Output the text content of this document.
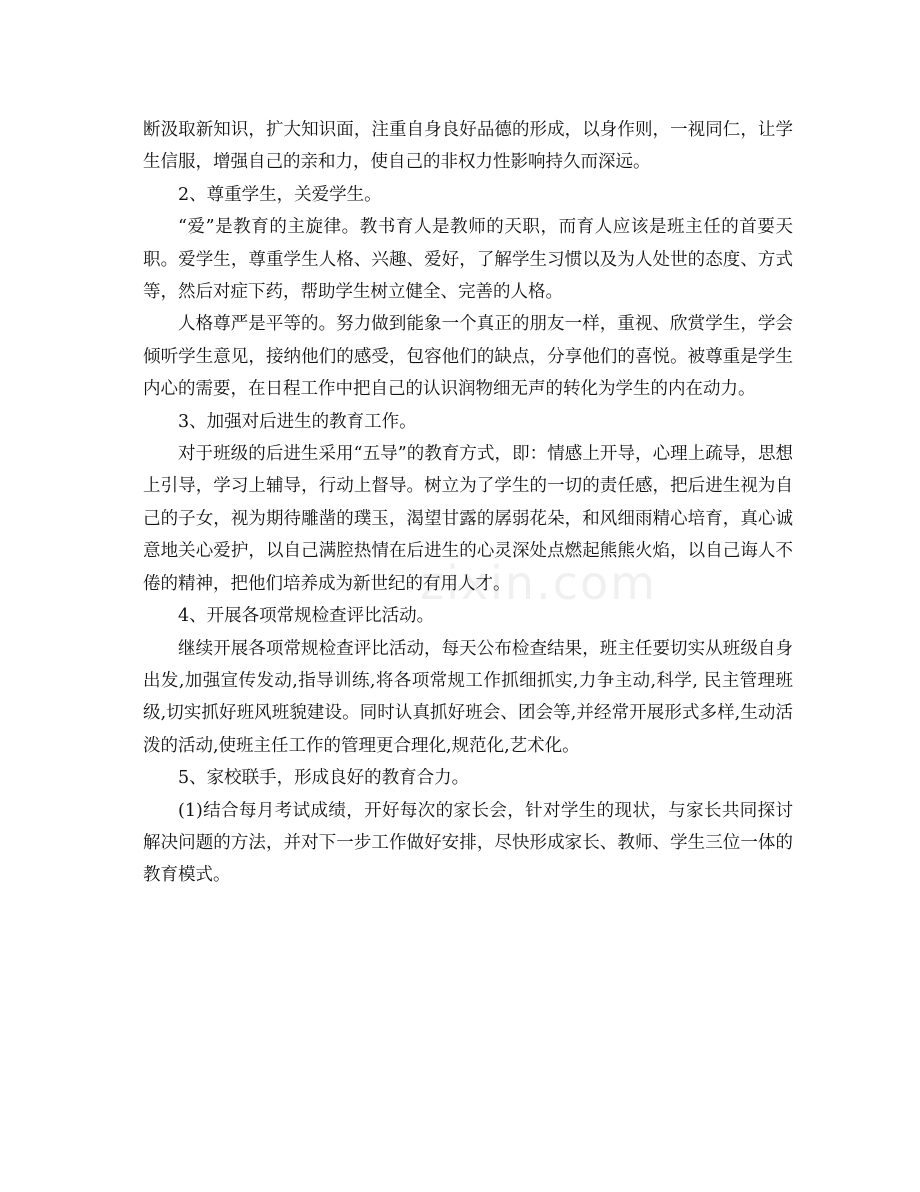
断汲取新知识，扩大知识面，注重自身良好品德的形成，以身作则，一视同仁，让学生信服，增强自己的亲和力，使自己的非权力性影响持久而深远。

2、尊重学生，关爱学生。

“爱”是教育的主旋律。教书育人是教师的天职，而育人应该是班主任的首要天职。爱学生，尊重学生人格、兴趣、爱好，了解学生习惯以及为人处世的态度、方式等，然后对症下药，帮助学生树立健全、完善的人格。

人格尊严是平等的。努力做到能象一个真正的朋友一样，重视、欣赏学生，学会倾听学生意见，接纳他们的感受，包容他们的缺点，分享他们的喜悦。被尊重是学生内心的需要，在日程工作中把自己的认识润物细无声的转化为学生的内在动力。

3、加强对后进生的教育工作。

对于班级的后进生采用“五导”的教育方式，即：情感上开导，心理上疏导，思想上引导，学习上辅导，行动上督导。树立为了学生的一切的责任感，把后进生视为自己的子女，视为期待雕凿的璞玉，渴望甘露的孱弱花朵，和风细雨精心培育，真心诚意地关心爱护，以自己满腔热情在后进生的心灵深处点燃起熊熊火焰，以自己诲人不倦的精神，把他们培养成为新世纪的有用人才。

4、开展各项常规检查评比活动。

继续开展各项常规检查评比活动，每天公布检查结果，班主任要切实从班级自身出发,加强宣传发动,指导训练,将各项常规工作抓细抓实,力争主动,科学, 民主管理班级,切实抓好班风班貌建设。同时认真抓好班会、团会等,并经常开展形式多样,生动活泼的活动,使班主任工作的管理更合理化,规范化,艺术化。

5、家校联手，形成良好的教育合力。

(1)结合每月考试成绩，开好每次的家长会，针对学生的现状，与家长共同探讨解决问题的方法，并对下一步工作做好安排，尽快形成家长、教师、学生三位一体的教育模式。

zixin.com
